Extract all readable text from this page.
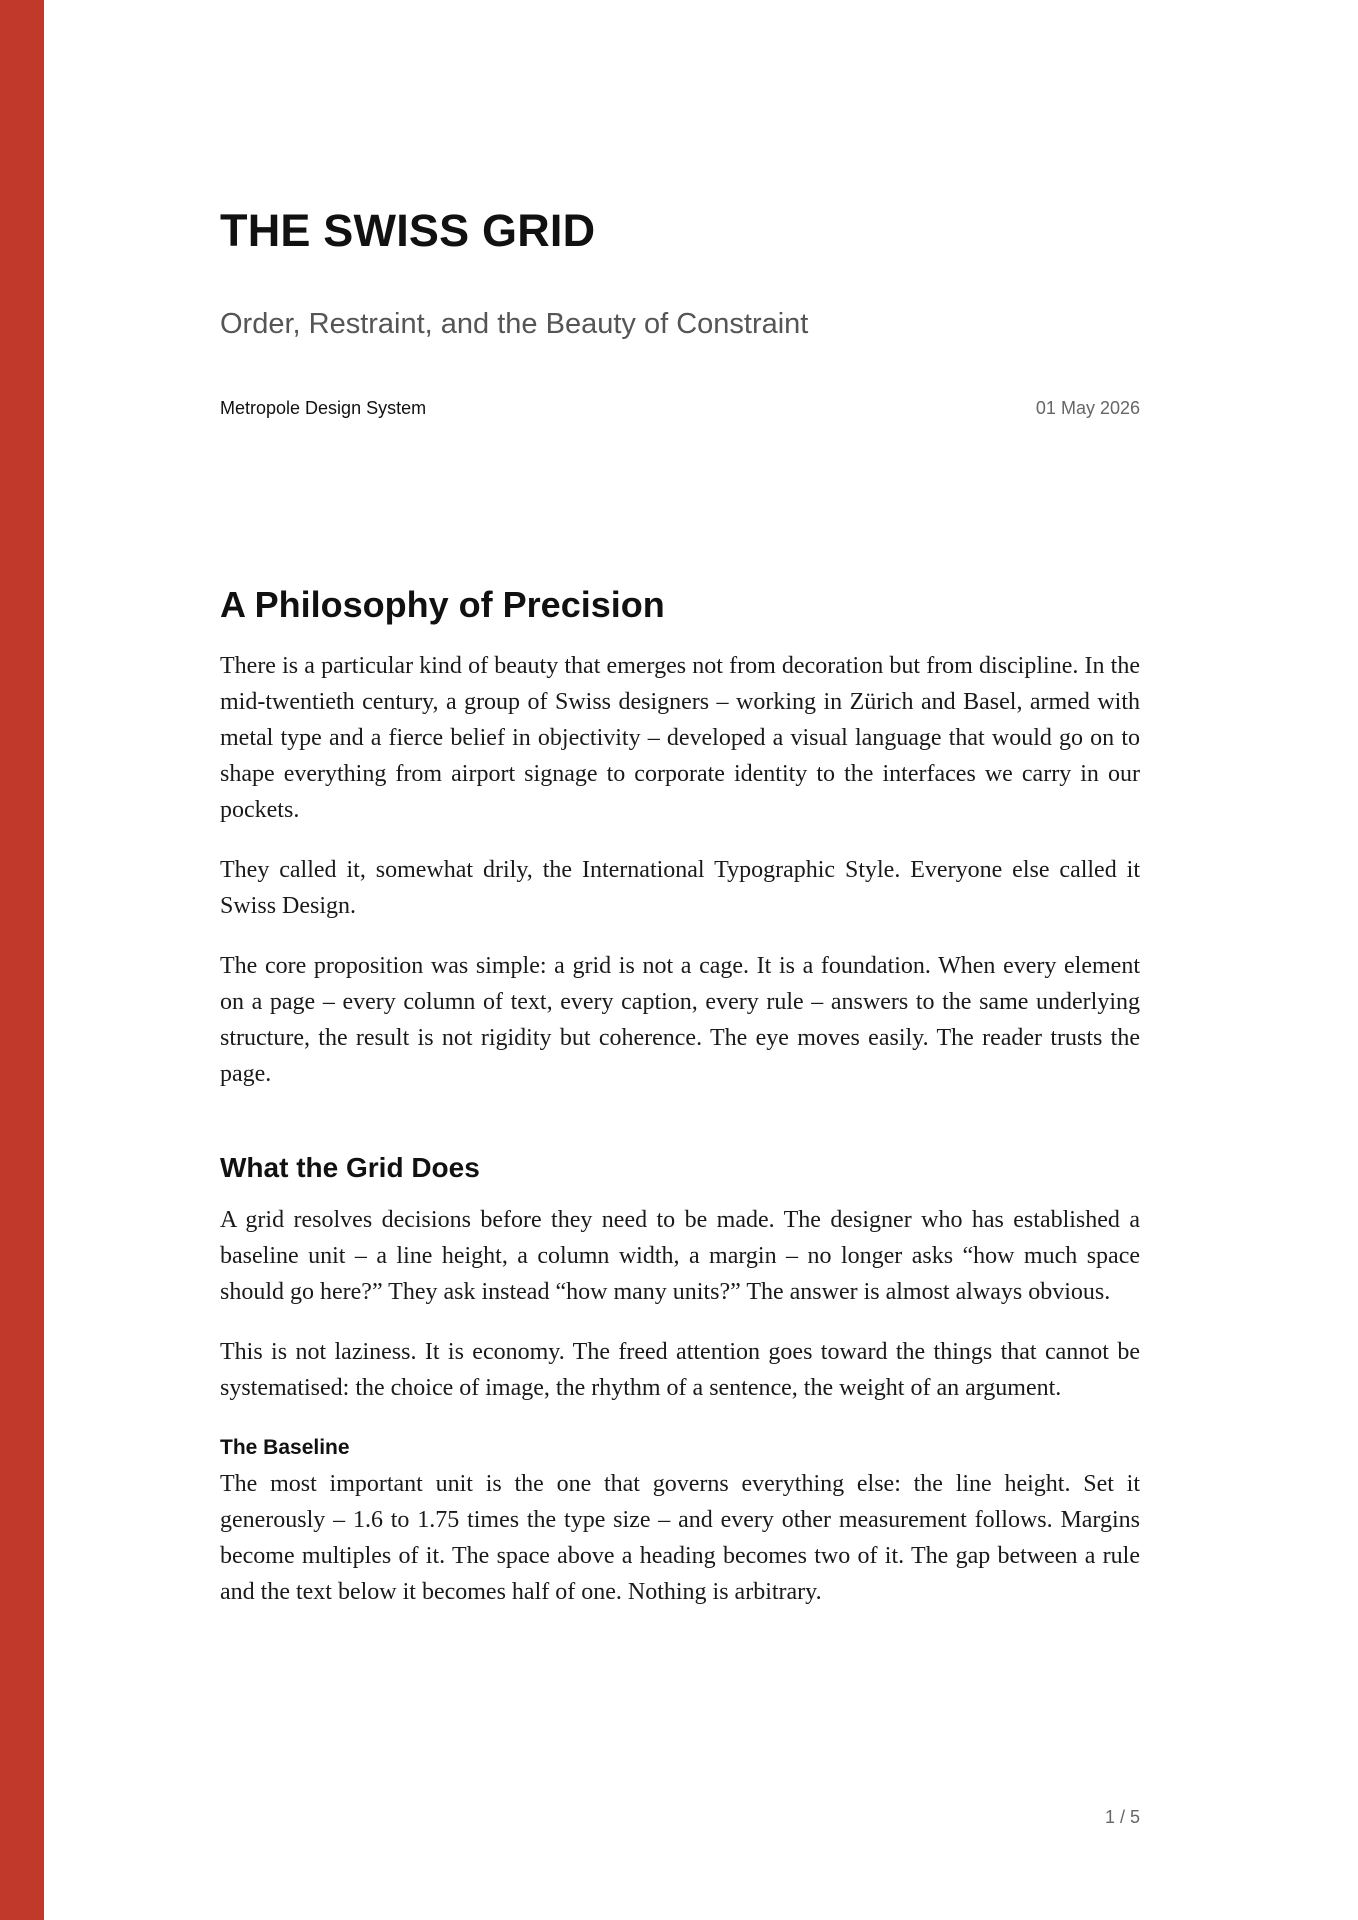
THE SWISS GRID

Order, Restraint, and the Beauty of Constraint

Metropole Design System	01 May 2026
A Philosophy of Precision

There is a particular kind of beauty that emerges not from decoration but from discipline. In the mid-twentieth century, a group of Swiss designers – working in Zürich and Basel, armed with metal type and a fierce belief in objectivity – developed a visual language that would go on to shape everything from airport signage to corporate identity to the interfaces we carry in our pockets.

They called it, somewhat drily, the International Typographic Style. Everyone else called it Swiss Design.

The core proposition was simple: a grid is not a cage. It is a foundation. When every element on a page – every column of text, every caption, every rule – answers to the same underlying structure, the result is not rigidity but coherence. The eye moves easily. The reader trusts the page.

What the Grid Does

A grid resolves decisions before they need to be made. The designer who has established a baseline unit – a line height, a column width, a margin – no longer asks “how much space should go here?” They ask instead “how many units?” The answer is almost always obvious.

This is not laziness. It is economy. The freed attention goes toward the things that cannot be systematised: the choice of image, the rhythm of a sentence, the weight of an argument.

The Baseline

The most important unit is the one that governs everything else: the line height. Set it generously – 1.6 to 1.75 times the type size – and every other measurement follows. Margins become multiples of it. The space above a heading becomes two of it. The gap between a rule and the text below it becomes half of one. Nothing is arbitrary.

1 / 5
